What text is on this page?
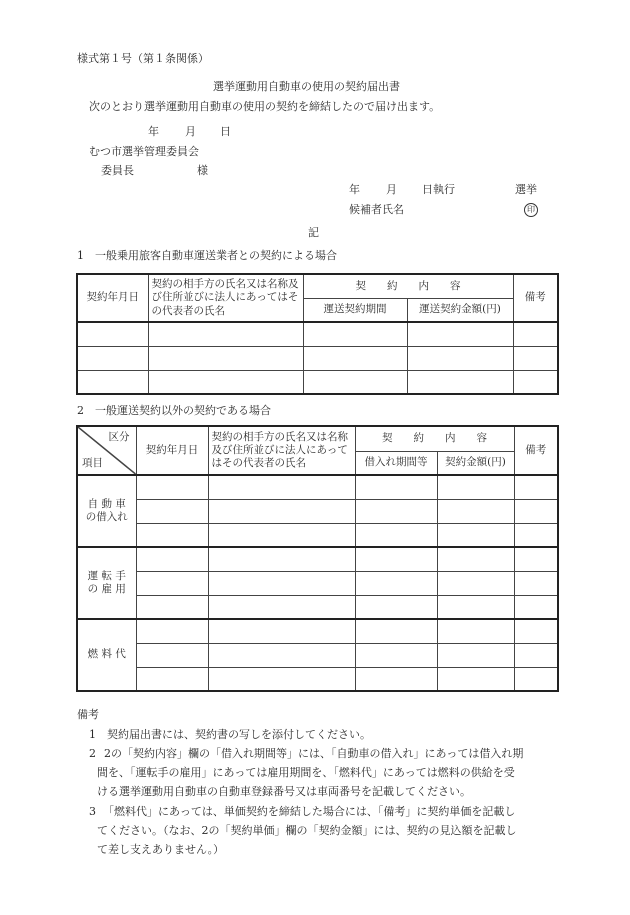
様式第１号（第１条関係）
選挙運動用自動車の使用の契約届出書
次のとおり選挙運動用自動車の使用の契約を締結したので届け出ます。
年 月 日
むつ市選挙管理委員会
委員長	様
年 月 日執行	選挙
候補者氏名	印
記
1　一般乗用旅客自動車運送業者との契約による場合
契約年月日	契約の相手方の氏名又は名称及び住所並びに法人にあってはその代表者の氏名	契　　約　　内　　容		備考
		運送契約期間	運送契約金額(円)	

2　一般運送契約以外の契約である場合
区分
項目	契約年月日	契約の相手方の氏名又は名称及び住所並びに法人にあってはその代表者の氏名	契　　約　　内　　容		備考
			借入れ期間等	契約金額(円)	
自 動 車
の借入れ					

運 転 手
の 雇 用					

燃 料 代					

備考
1 契約届出書には、契約書の写しを添付してください。
2 2の「契約内容」欄の「借入れ期間等」には、「自動車の借入れ」にあっては借入れ期
間を、「運転手の雇用」にあっては雇用期間を、「燃料代」にあっては燃料の供給を受
ける選挙運動用自動車の自動車登録番号又は車両番号を記載してください。
3 「燃料代」にあっては、単価契約を締結した場合には、「備考」に契約単価を記載し
てください。（なお、2の「契約単価」欄の「契約金額」には、契約の見込額を記載し
て差し支えありません。）
